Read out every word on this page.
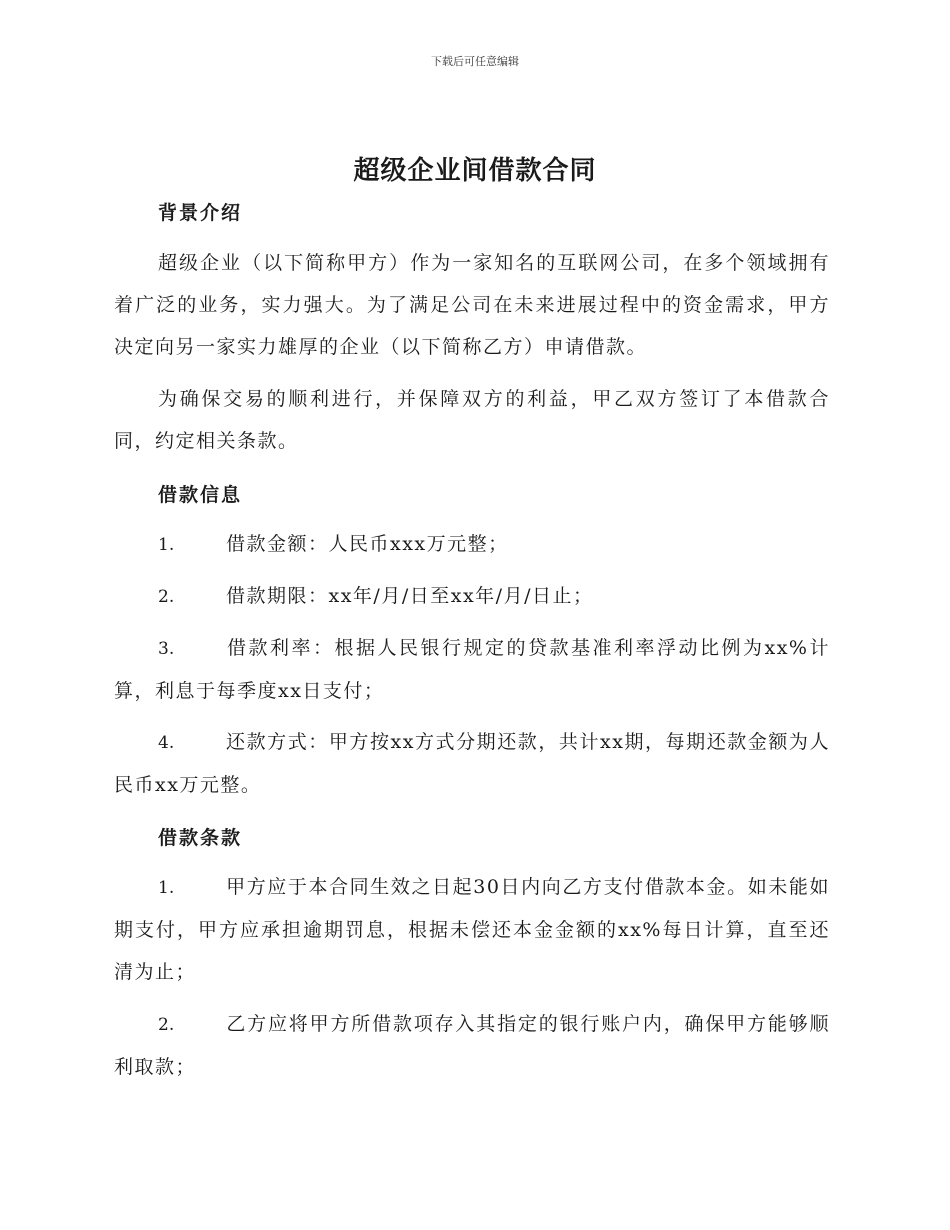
下载后可任意编辑
超级企业间借款合同
背景介绍

超级企业（以下简称甲方）作为一家知名的互联网公司，在多个领域拥有着广泛的业务，实力强大。为了满足公司在未来进展过程中的资金需求，甲方决定向另一家实力雄厚的企业（以下简称乙方）申请借款。

为确保交易的顺利进行，并保障双方的利益，甲乙双方签订了本借款合同，约定相关条款。

借款信息

1.	借款金额：人民币xxx万元整；

2.	借款期限：xx年/月/日至xx年/月/日止；

3.	借款利率：根据人民银行规定的贷款基准利率浮动比例为xx%计算，利息于每季度xx日支付；

4.	还款方式：甲方按xx方式分期还款，共计xx期，每期还款金额为人民币xx万元整。

借款条款

1.	甲方应于本合同生效之日起30日内向乙方支付借款本金。如未能如期支付，甲方应承担逾期罚息，根据未偿还本金金额的xx%每日计算，直至还清为止；

2.	乙方应将甲方所借款项存入其指定的银行账户内，确保甲方能够顺利取款；
